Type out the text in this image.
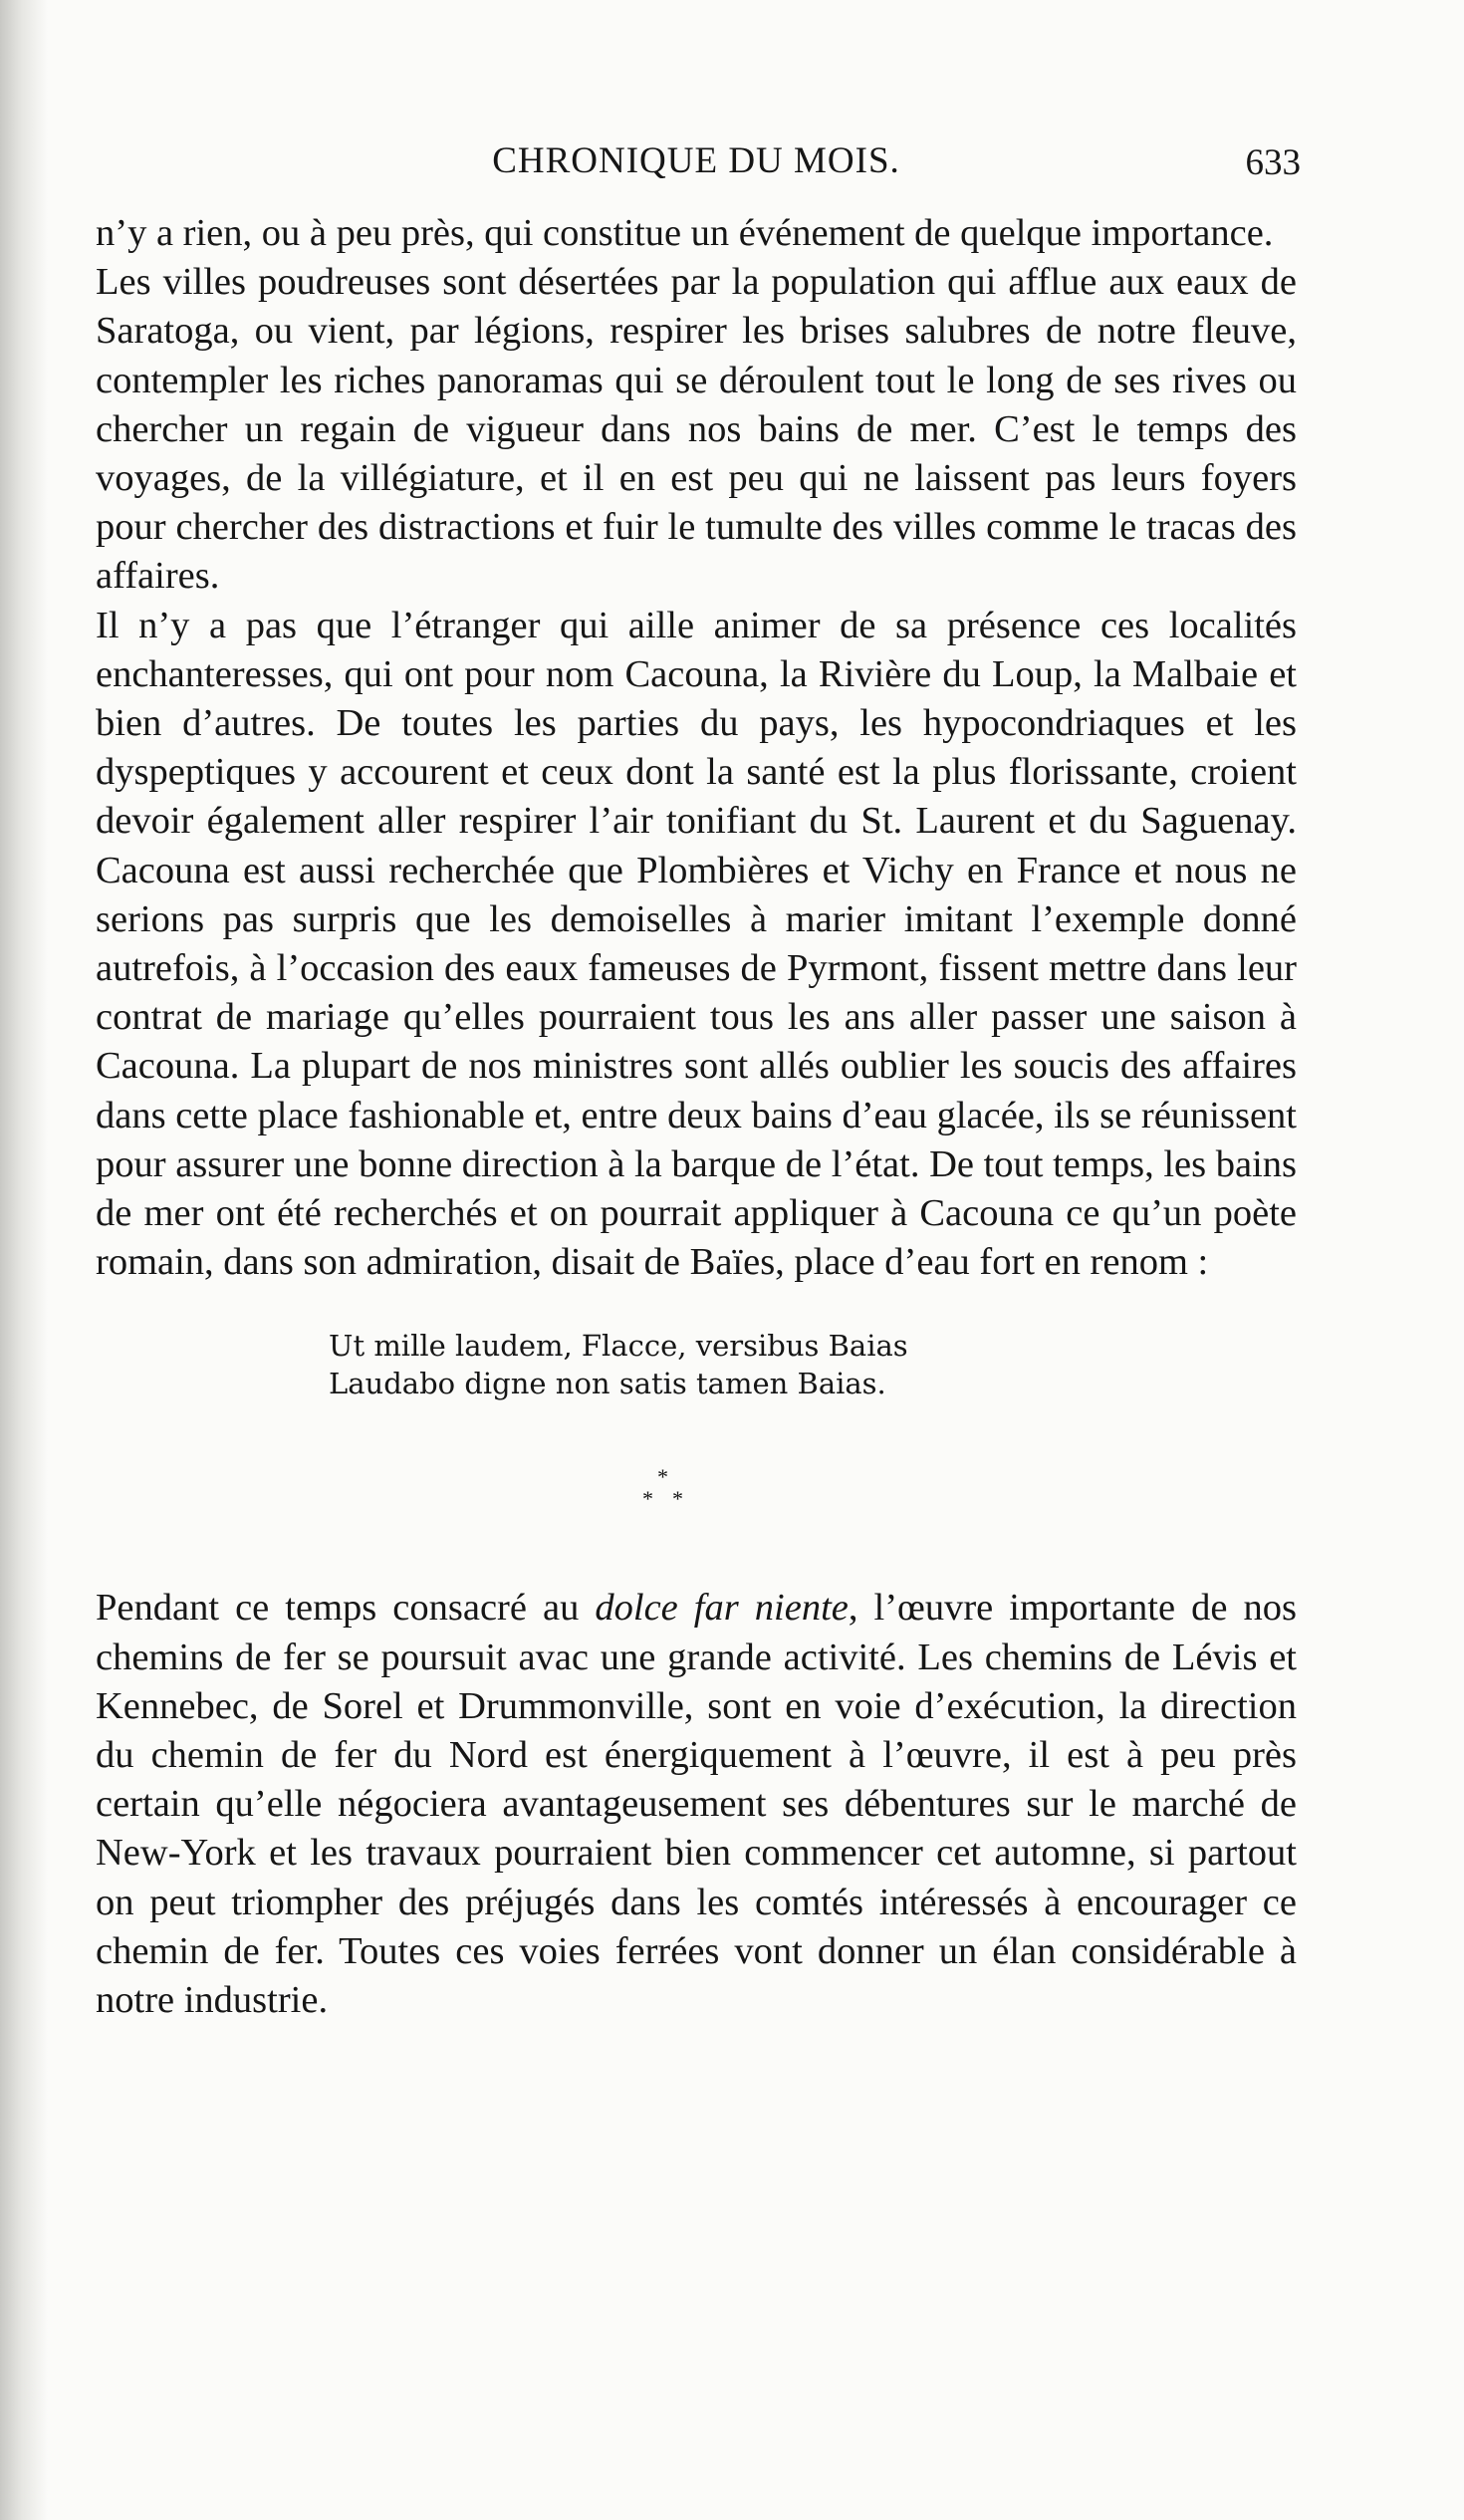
CHRONIQUE DU MOIS.	633

n’y a rien, ou à peu près, qui constitue un événement de quelque importance.

Les villes poudreuses sont désertées par la population qui afflue aux eaux de Saratoga, ou vient, par légions, respirer les brises salubres de notre fleuve, contempler les riches panoramas qui se déroulent tout le long de ses rives ou chercher un regain de vigueur dans nos bains de mer. C’est le temps des voyages, de la villégiature, et il en est peu qui ne laissent pas leurs foyers pour chercher des distractions et fuir le tumulte des villes comme le tracas des affaires.

Il n’y a pas que l’étranger qui aille animer de sa présence ces localités enchanteresses, qui ont pour nom Cacouna, la Rivière du Loup, la Malbaie et bien d’autres. De toutes les parties du pays, les hypocondriaques et les dyspeptiques y accourent et ceux dont la santé est la plus florissante, croient devoir également aller respirer l’air tonifiant du St. Laurent et du Saguenay. Cacouna est aussi recherchée que Plombières et Vichy en France et nous ne serions pas surpris que les demoiselles à marier imitant l’exemple donné autrefois, à l’occasion des eaux fameuses de Pyrmont, fissent mettre dans leur contrat de mariage qu’elles pourraient tous les ans aller passer une saison à Cacouna. La plupart de nos ministres sont allés oublier les soucis des affaires dans cette place fashionable et, entre deux bains d’eau glacée, ils se réunissent pour assurer une bonne direction à la barque de l’état. De tout temps, les bains de mer ont été recherchés et on pourrait appliquer à Cacouna ce qu’un poète romain, dans son admiration, disait de Baïes, place d’eau fort en renom :

Ut mille laudem, Flacce, versibus Baias
Laudabo digne non satis tamen Baias.
*
* *

Pendant ce temps consacré au dolce far niente, l’œuvre importante de nos chemins de fer se poursuit avac une grande activité. Les chemins de Lévis et Kennebec, de Sorel et Drummonville, sont en voie d’exécution, la direction du chemin de fer du Nord est énergiquement à l’œuvre, il est à peu près certain qu’elle négociera avantageusement ses débentures sur le marché de New-York et les travaux pourraient bien commencer cet automne, si partout on peut triompher des préjugés dans les comtés intéressés à encourager ce chemin de fer. Toutes ces voies ferrées vont donner un élan considérable à notre industrie.
